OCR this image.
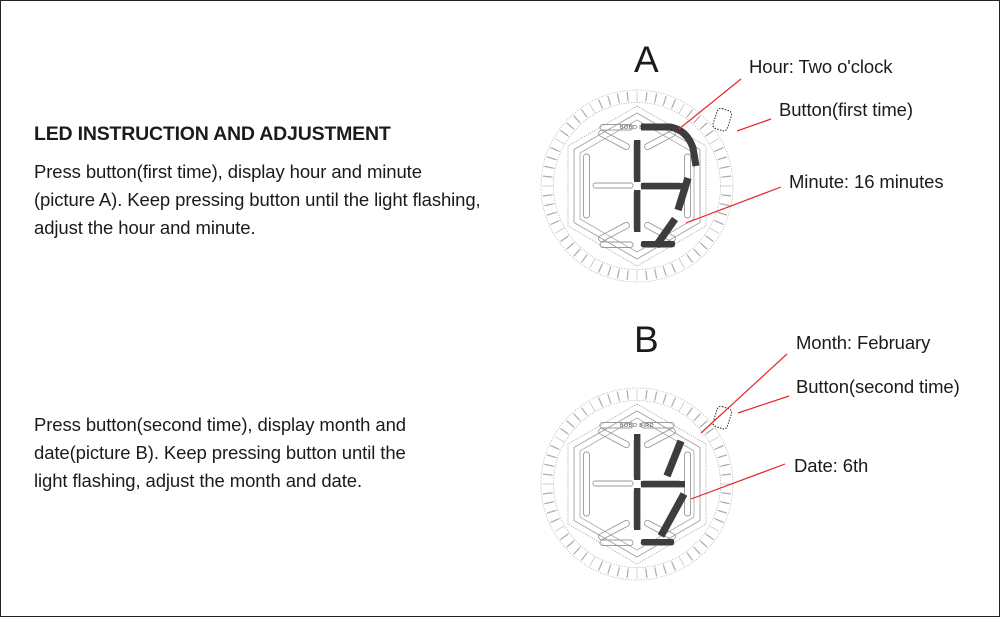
LED INSTRUCTION AND ADJUSTMENT
Press button(first time), display hour and minute
(picture A). Keep pressing button until the light flashing,
adjust the hour and minute.
Press button(second time), display month and
date(picture B). Keep pressing button until the
light flashing, adjust the month and date.
A
B
Hour: Two o'clock
Button(first time)
Minute: 16 minutes
Month: February
Button(second time)
Date: 6th
BOBO BIRD
BOBO BIRD
